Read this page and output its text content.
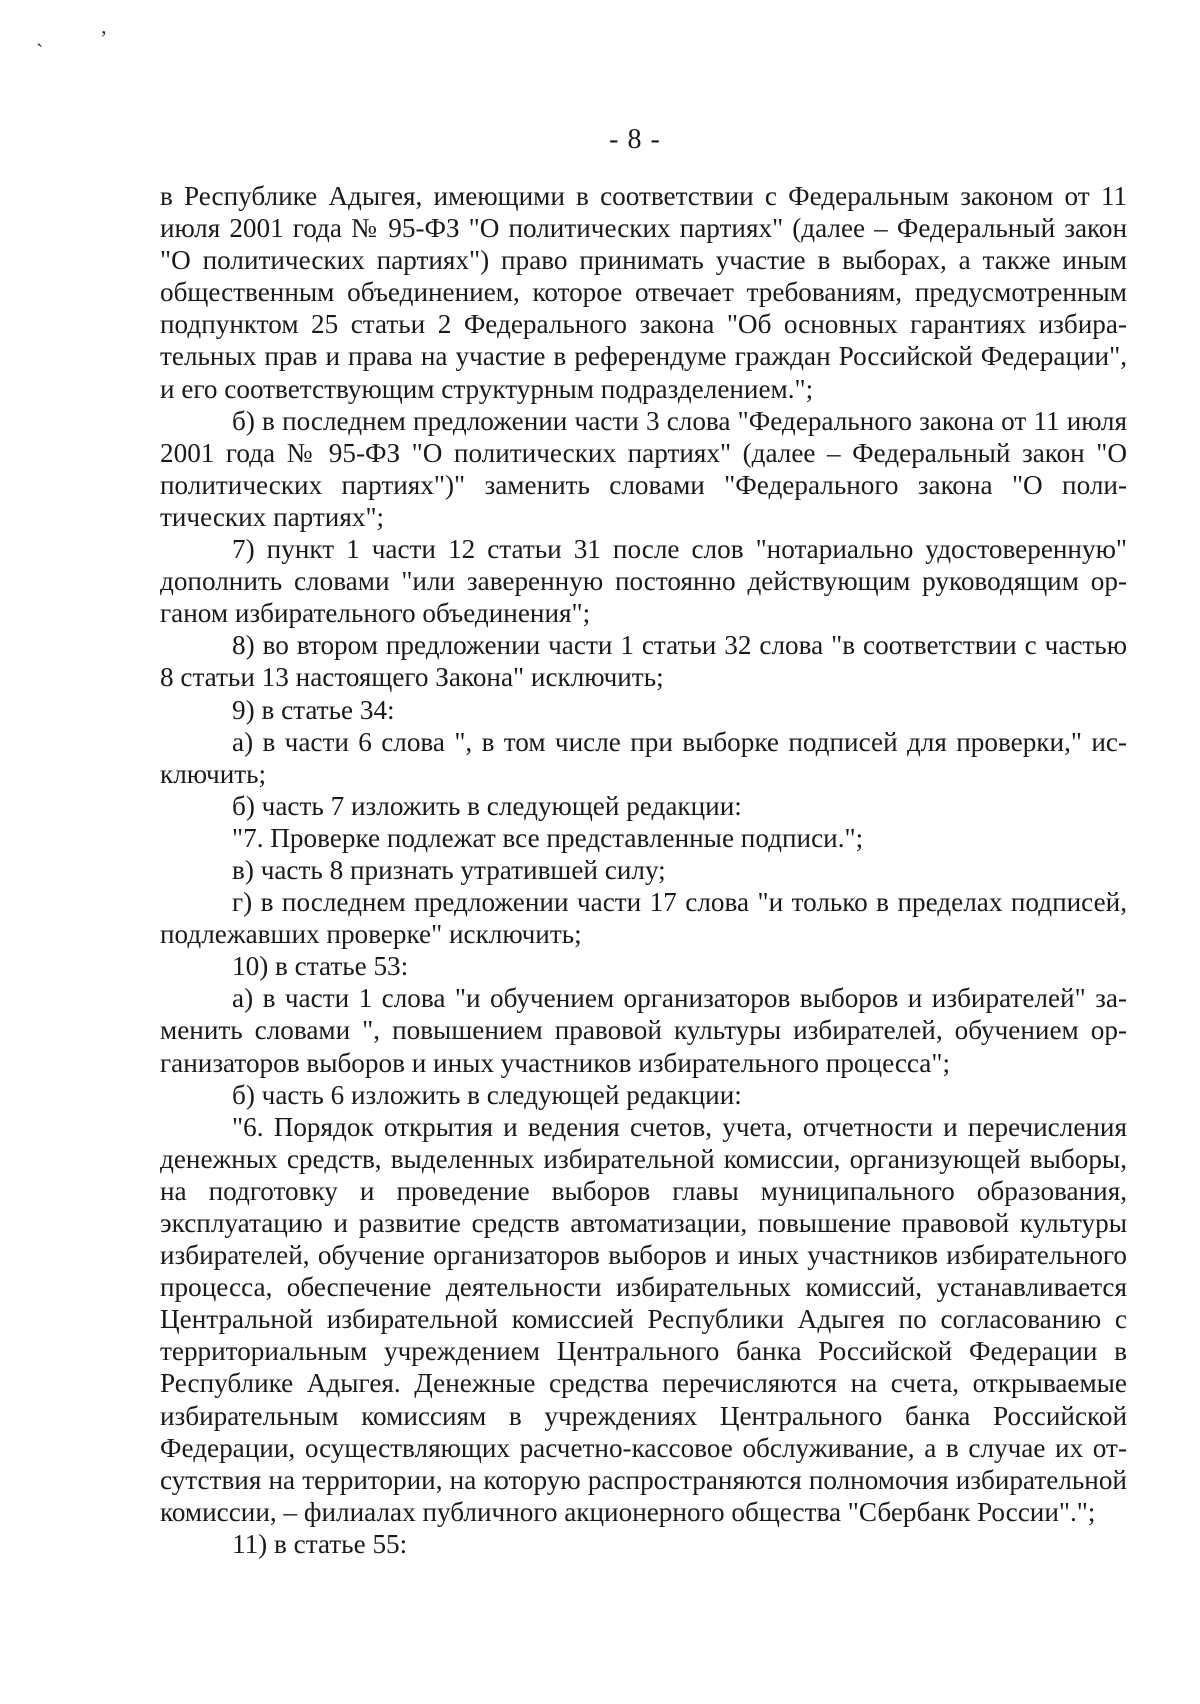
ˎ	ʼ
- 8 -

в Республике Адыгея, имеющими в соответствии с Федеральным законом от 11 июля 2001 года № 95-ФЗ "О политических партиях" (далее – Федеральный закон "О политических партиях") право принимать участие в выборах, а также иным общественным объединением, которое отвечает требованиям, предусмотренным подпунктом 25 статьи 2 Федерального закона "Об основных гарантиях избирательных прав и права на участие в референдуме граждан Российской Федерации", и его соответствующим структурным подразделением.";

б) в последнем предложении части 3 слова "Федерального закона от 11 июля 2001 года № 95-ФЗ "О политических партиях" (далее – Федеральный закон "О политических партиях")" заменить словами "Федерального закона "О политических партиях";

7) пункт 1 части 12 статьи 31 после слов "нотариально удостоверенную" дополнить словами "или заверенную постоянно действующим руководящим органом избирательного объединения";

8) во втором предложении части 1 статьи 32 слова "в соответствии с частью 8 статьи 13 настоящего Закона" исключить;

9) в статье 34:

а) в части 6 слова ", в том числе при выборке подписей для проверки," исключить;

б) часть 7 изложить в следующей редакции:

"7. Проверке подлежат все представленные подписи.";

в) часть 8 признать утратившей силу;

г) в последнем предложении части 17 слова "и только в пределах подписей, подлежавших проверке" исключить;

10) в статье 53:

а) в части 1 слова "и обучением организаторов выборов и избирателей" заменить словами ", повышением правовой культуры избирателей, обучением организаторов выборов и иных участников избирательного процесса";

б) часть 6 изложить в следующей редакции:

"6. Порядок открытия и ведения счетов, учета, отчетности и перечисления денежных средств, выделенных избирательной комиссии, организующей выборы, на подготовку и проведение выборов главы муниципального образования, эксплуатацию и развитие средств автоматизации, повышение правовой культуры избирателей, обучение организаторов выборов и иных участников избирательного процесса, обеспечение деятельности избирательных комиссий, устанавливается Центральной избирательной комиссией Республики Адыгея по согласованию с территориальным учреждением Центрального банка Российской Федерации в Республике Адыгея. Денежные средства перечисляются на счета, открываемые избирательным комиссиям в учреждениях Центрального банка Российской Федерации, осуществляющих расчетно-кассовое обслуживание, а в случае их отсутствия на территории, на которую распространяются полномочия избирательной комиссии, – филиалах публичного акционерного общества "Сбербанк России".";

11) в статье 55:
